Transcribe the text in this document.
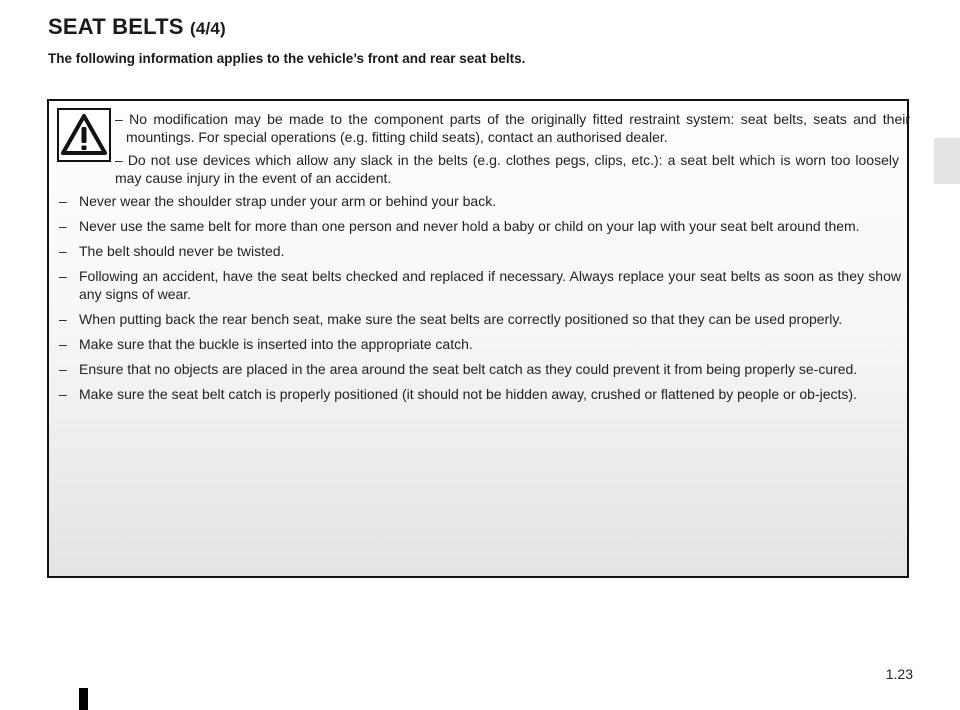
SEAT BELTS (4/4)
The following information applies to the vehicle’s front and rear seat belts.
– No modification may be made to the component parts of the originally fitted restraint system: seat belts, seats and their mountings. For special operations (e.g. fitting child seats), contact an authorised dealer.
– Do not use devices which allow any slack in the belts (e.g. clothes pegs, clips, etc.): a seat belt which is worn too loosely may cause injury in the event of an accident.
– Never wear the shoulder strap under your arm or behind your back.
– Never use the same belt for more than one person and never hold a baby or child on your lap with your seat belt around them.
– The belt should never be twisted.
– Following an accident, have the seat belts checked and replaced if necessary. Always replace your seat belts as soon as they show any signs of wear.
– When putting back the rear bench seat, make sure the seat belts are correctly positioned so that they can be used properly.
– Make sure that the buckle is inserted into the appropriate catch.
– Ensure that no objects are placed in the area around the seat belt catch as they could prevent it from being properly se-cured.
– Make sure the seat belt catch is properly positioned (it should not be hidden away, crushed or flattened by people or ob-jects).
1.23
